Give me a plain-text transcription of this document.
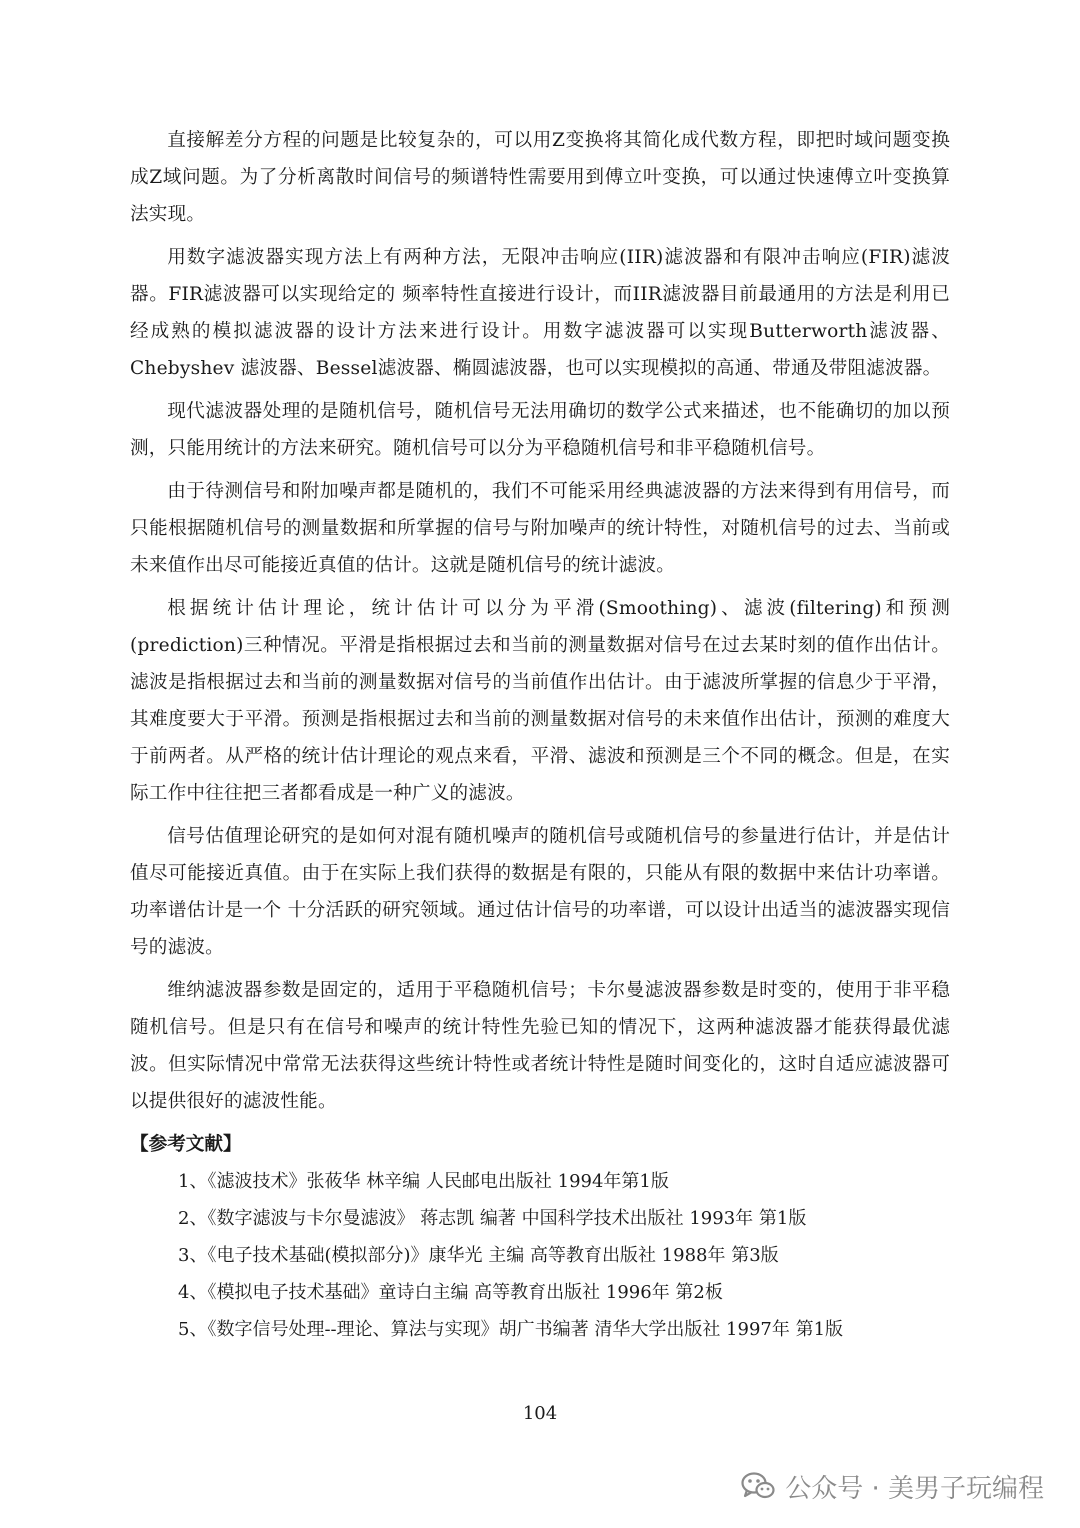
直接解差分方程的问题是比较复杂的，可以用Z变换将其简化成代数方程，即把时域问题变换成Z域问题。为了分析离散时间信号的频谱特性需要用到傅立叶变换，可以通过快速傅立叶变换算法实现。

用数字滤波器实现方法上有两种方法，无限冲击响应(IIR)滤波器和有限冲击响应(FIR)滤波器。FIR滤波器可以实现给定的 频率特性直接进行设计，而IIR滤波器目前最通用的方法是利用已经成熟的模拟滤波器的设计方法来进行设计。用数字滤波器可以实现Butterworth滤波器、Chebyshev 滤波器、Bessel滤波器、椭圆滤波器，也可以实现模拟的高通、带通及带阻滤波器。

现代滤波器处理的是随机信号，随机信号无法用确切的数学公式来描述，也不能确切的加以预测，只能用统计的方法来研究。随机信号可以分为平稳随机信号和非平稳随机信号。

由于待测信号和附加噪声都是随机的，我们不可能采用经典滤波器的方法来得到有用信号，而只能根据随机信号的测量数据和所掌握的信号与附加噪声的统计特性，对随机信号的过去、当前或未来值作出尽可能接近真值的估计。这就是随机信号的统计滤波。

根据统计估计理论，统计估计可以分为平滑(Smoothing)、滤波(filtering)和预测(prediction)三种情况。平滑是指根据过去和当前的测量数据对信号在过去某时刻的值作出估计。滤波是指根据过去和当前的测量数据对信号的当前值作出估计。由于滤波所掌握的信息少于平滑，其难度要大于平滑。预测是指根据过去和当前的测量数据对信号的未来值作出估计，预测的难度大于前两者。从严格的统计估计理论的观点来看，平滑、滤波和预测是三个不同的概念。但是，在实际工作中往往把三者都看成是一种广义的滤波。

信号估值理论研究的是如何对混有随机噪声的随机信号或随机信号的参量进行估计，并是估计值尽可能接近真值。由于在实际上我们获得的数据是有限的，只能从有限的数据中来估计功率谱。功率谱估计是一个 十分活跃的研究领域。通过估计信号的功率谱，可以设计出适当的滤波器实现信号的滤波。

维纳滤波器参数是固定的，适用于平稳随机信号；卡尔曼滤波器参数是时变的，使用于非平稳随机信号。但是只有在信号和噪声的统计特性先验已知的情况下，这两种滤波器才能获得最优滤波。但实际情况中常常无法获得这些统计特性或者统计特性是随时间变化的，这时自适应滤波器可以提供很好的滤波性能。

【参考文献】
1、《滤波技术》张莜华 林辛编 人民邮电出版社 1994年第1版
2、《数字滤波与卡尔曼滤波》 蒋志凯 编著 中国科学技术出版社 1993年 第1版
3、《电子技术基础(模拟部分)》康华光 主编 高等教育出版社 1988年 第3版
4、《模拟电子技术基础》童诗白主编 高等教育出版社 1996年 第2板
5、《数字信号处理--理论、算法与实现》胡广书编著 清华大学出版社 1997年 第1版
104
公众号 · 美男子玩编程
